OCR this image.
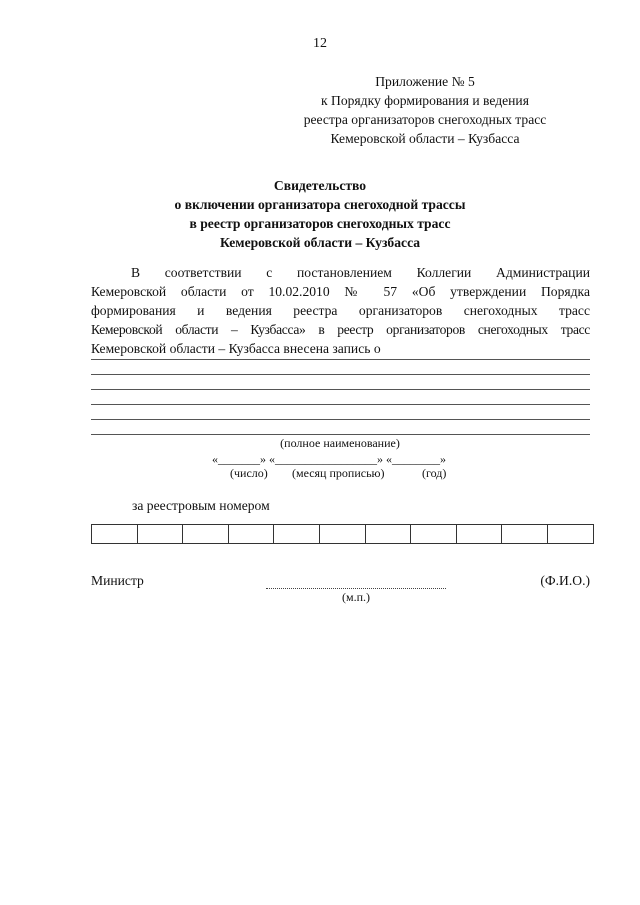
12
Приложение № 5
к Порядку формирования и ведения
реестра организаторов снегоходных трасс
Кемеровской области – Кузбасса
Свидетельство
о включении организатора снегоходной трассы
в реестр организаторов снегоходных трасс
Кемеровской области – Кузбасса
В соответствии с постановлением Коллегии Администрации
Кемеровской области от 10.02.2010 № 57 «Об утверждении Порядка
формирования и ведения реестра организаторов снегоходных трасс
Кемеровской области – Кузбасса» в реестр организаторов снегоходных трасс
Кемеровской области – Кузбасса внесена запись о
(полное наименование)
«_______» «_________________» «________»
(число) (месяц прописью)	(год)
за реестровым номером

Министр
(м.п.)
(Ф.И.О.)
